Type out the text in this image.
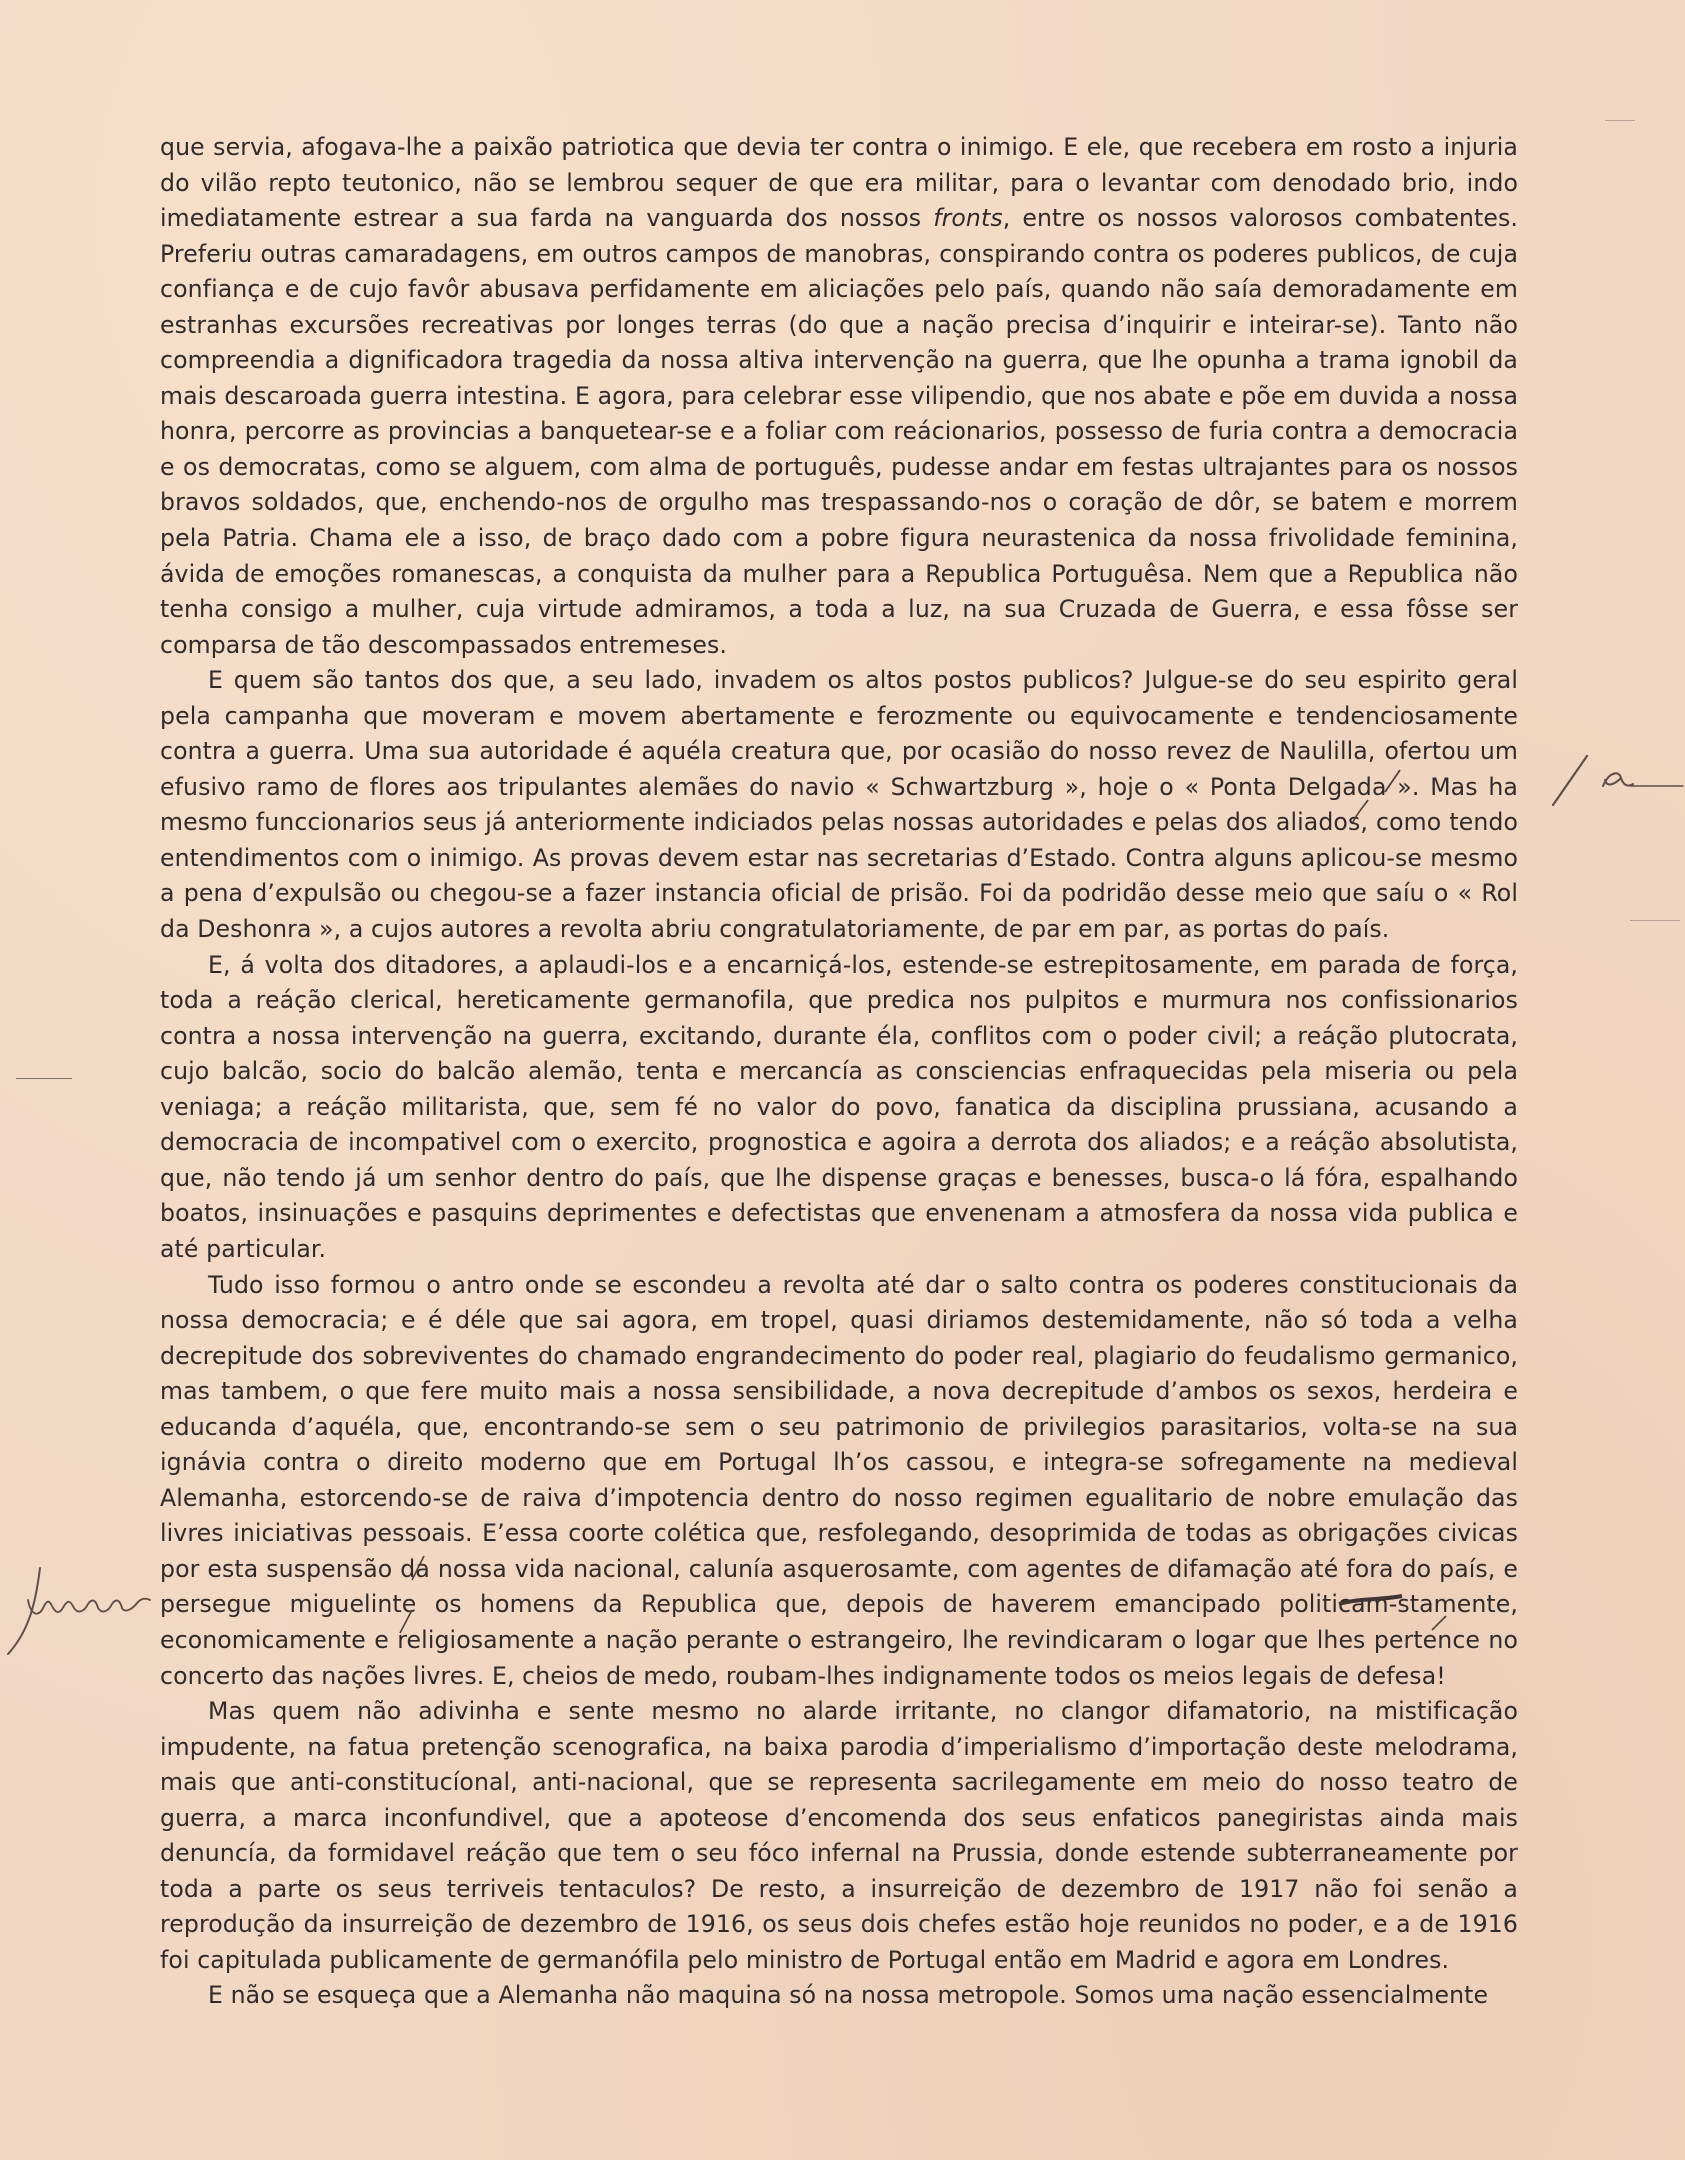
que servia, afogava-lhe a paixão patriotica que devia ter contra o inimigo. E ele, que recebera em rosto a injuria do vilão repto teutonico, não se lembrou sequer de que era militar, para o levantar com denodado brio, indo imediatamente estrear a sua farda na vanguarda dos nossos fronts, entre os nossos valorosos combatentes. Preferiu outras camaradagens, em outros campos de manobras, conspirando contra os poderes publicos, de cuja confiança e de cujo favôr abusava perfidamente em aliciações pelo país, quando não saía demoradamente em estranhas excursões recreativas por longes terras (do que a nação precisa d’inquirir e inteirar-se). Tanto não compreendia a dignificadora tragedia da nossa altiva intervenção na guerra, que lhe opunha a trama ignobil da mais descaroada guerra intestina. E agora, para celebrar esse vilipendio, que nos abate e põe em duvida a nossa honra, percorre as provincias a banquetear-se e a foliar com reácionarios, possesso de furia contra a democracia e os democratas, como se alguem, com alma de português, pudesse andar em festas ultrajantes para os nossos bravos soldados, que, enchendo-nos de orgulho mas trespassando-nos o coração de dôr, se batem e morrem pela Patria. Chama ele a isso, de braço dado com a pobre figura neurastenica da nossa frivolidade feminina, ávida de emoções romanescas, a conquista da mulher para a Republica Portuguêsa. Nem que a Republica não tenha consigo a mulher, cuja virtude admiramos, a toda a luz, na sua Cruzada de Guerra, e essa fôsse ser comparsa de tão descompassados entremeses.

E quem são tantos dos que, a seu lado, invadem os altos postos publicos? Julgue-se do seu espirito geral pela campanha que moveram e movem abertamente e ferozmente ou equivocamente e tendenciosamente contra a guerra. Uma sua autoridade é aquéla creatura que, por ocasião do nosso revez de Naulilla, ofertou um efusivo ramo de flores aos tripulantes alemães do navio « Schwartzburg », hoje o « Ponta Delgada ». Mas ha mesmo funccionarios seus já anteriormente indiciados pelas nossas autoridades e pelas dos aliados, como tendo entendimentos com o inimigo. As provas devem estar nas secretarias d’Estado. Contra alguns aplicou-se mesmo a pena d’expulsão ou chegou-se a fazer instancia oficial de prisão. Foi da podridão desse meio que saíu o « Rol da Deshonra », a cujos autores a revolta abriu congratulatoriamente, de par em par, as portas do país.

E, á volta dos ditadores, a aplaudi-los e a encarniçá-los, estende-se estrepitosamente, em parada de força, toda a reáção clerical, hereticamente germanofila, que predica nos pulpitos e murmura nos confissionarios contra a nossa intervenção na guerra, excitando, durante éla, conflitos com o poder civil; a reáção plutocrata, cujo balcão, socio do balcão alemão, tenta e mercancía as consciencias enfraquecidas pela miseria ou pela veniaga; a reáção militarista, que, sem fé no valor do povo, fanatica da disciplina prussiana, acusando a democracia de incompativel com o exercito, prognostica e agoira a derrota dos aliados; e a reáção absolutista, que, não tendo já um senhor dentro do país, que lhe dispense graças e benesses, busca-o lá fóra, espalhando boatos, insinuações e pasquins deprimentes e defectistas que envenenam a atmosfera da nossa vida publica e até particular.

Tudo isso formou o antro onde se escondeu a revolta até dar o salto contra os poderes constitucionais da nossa democracia; e é déle que sai agora, em tropel, quasi diriamos destemidamente, não só toda a velha decrepitude dos sobreviventes do chamado engrandecimento do poder real, plagiario do feudalismo germanico, mas tambem, o que fere muito mais a nossa sensibilidade, a nova decrepitude d’ambos os sexos, herdeira e educanda d’aquéla, que, encontrando-se sem o seu patrimonio de privilegios parasitarios, volta-se na sua ignávia contra o direito moderno que em Portugal lh’os cassou, e integra-se sofregamente na medieval Alemanha, estorcendo-se de raiva d’impotencia dentro do nosso regimen egualitario de nobre emulação das livres iniciativas pessoais. E’essa coorte colética que, resfolegando, desoprimida de todas as obrigações civicas por esta suspensão da nossa vida nacional, calunía asquerosamte, com agentes de difamação até fora do país, e persegue miguelinte os homens da Republica que, depois de haverem emancipado politicam-stamente, economicamente e religiosamente a nação perante o estrangeiro, lhe revindicaram o logar que lhes pertence no concerto das nações livres. E, cheios de medo, roubam-lhes indignamente todos os meios legais de defesa!

Mas quem não adivinha e sente mesmo no alarde irritante, no clangor difamatorio, na mistificação impudente, na fatua pretenção scenografica, na baixa parodia d’imperialismo d’importação deste melodrama, mais que anti-constitucíonal, anti-nacional, que se representa sacrilegamente em meio do nosso teatro de guerra, a marca inconfundivel, que a apoteose d’encomenda dos seus enfaticos panegiristas ainda mais denuncía, da formidavel reáção que tem o seu fóco infernal na Prussia, donde estende subterraneamente por toda a parte os seus terriveis tentaculos? De resto, a insurreição de dezembro de 1917 não foi senão a reprodução da insurreição de dezembro de 1916, os seus dois chefes estão hoje reunidos no poder, e a de 1916 foi capitulada publicamente de germanófila pelo ministro de Portugal então em Madrid e agora em Londres.

E não se esqueça que a Alemanha não maquina só na nossa metropole. Somos uma nação essencialmente
